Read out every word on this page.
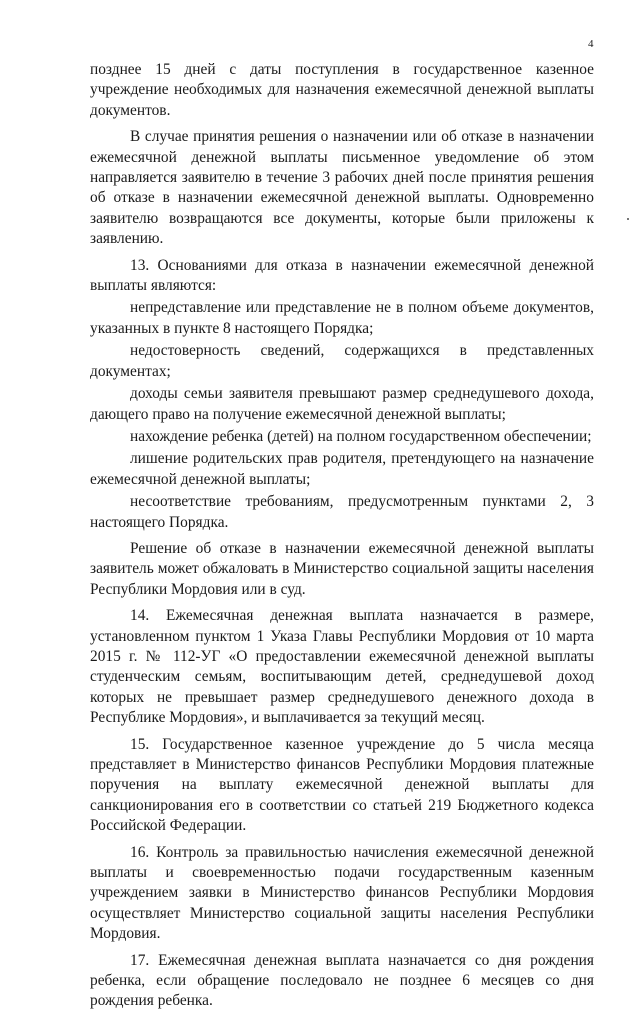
4

позднее 15 дней с даты поступления в государственное казенное учреждение необходимых для назначения ежемесячной денежной выплаты документов.

В случае принятия решения о назначении или об отказе в назначении ежемесячной денежной выплаты письменное уведомление об этом направляется заявителю в течение 3 рабочих дней после принятия решения об отказе в назначении ежемесячной денежной выплаты. Одновременно заявителю возвращаются все документы, которые были приложены к заявлению.

13. Основаниями для отказа в назначении ежемесячной денежной выплаты являются:

непредставление или представление не в полном объеме документов, указанных в пункте 8 настоящего Порядка;

недостоверность сведений, содержащихся в представленных документах;

доходы семьи заявителя превышают размер среднедушевого дохода, дающего право на получение ежемесячной денежной выплаты;

нахождение ребенка (детей) на полном государственном обеспечении;

лишение родительских прав родителя, претендующего на назначение ежемесячной денежной выплаты;

несоответствие требованиям, предусмотренным пунктами 2, 3 настоящего Порядка.

Решение об отказе в назначении ежемесячной денежной выплаты заявитель может обжаловать в Министерство социальной защиты населения Республики Мордовия или в суд.

14. Ежемесячная денежная выплата назначается в размере, установленном пунктом 1 Указа Главы Республики Мордовия от 10 марта 2015 г. № 112-УГ «О предоставлении ежемесячной денежной выплаты студенческим семьям, воспитывающим детей, среднедушевой доход которых не превышает размер среднедушевого денежного дохода в Республике Мордовия», и выплачивается за текущий месяц.

15. Государственное казенное учреждение до 5 числа месяца представляет в Министерство финансов Республики Мордовия платежные поручения на выплату ежемесячной денежной выплаты для санкционирования его в соответствии со статьей 219 Бюджетного кодекса Российской Федерации.

16. Контроль за правильностью начисления ежемесячной денежной выплаты и своевременностью подачи государственным казенным учреждением заявки в Министерство финансов Республики Мордовия осуществляет Министерство социальной защиты населения Республики Мордовия.

17. Ежемесячная денежная выплата назначается со дня рождения ребенка, если обращение последовало не позднее 6 месяцев со дня рождения ребенка.
